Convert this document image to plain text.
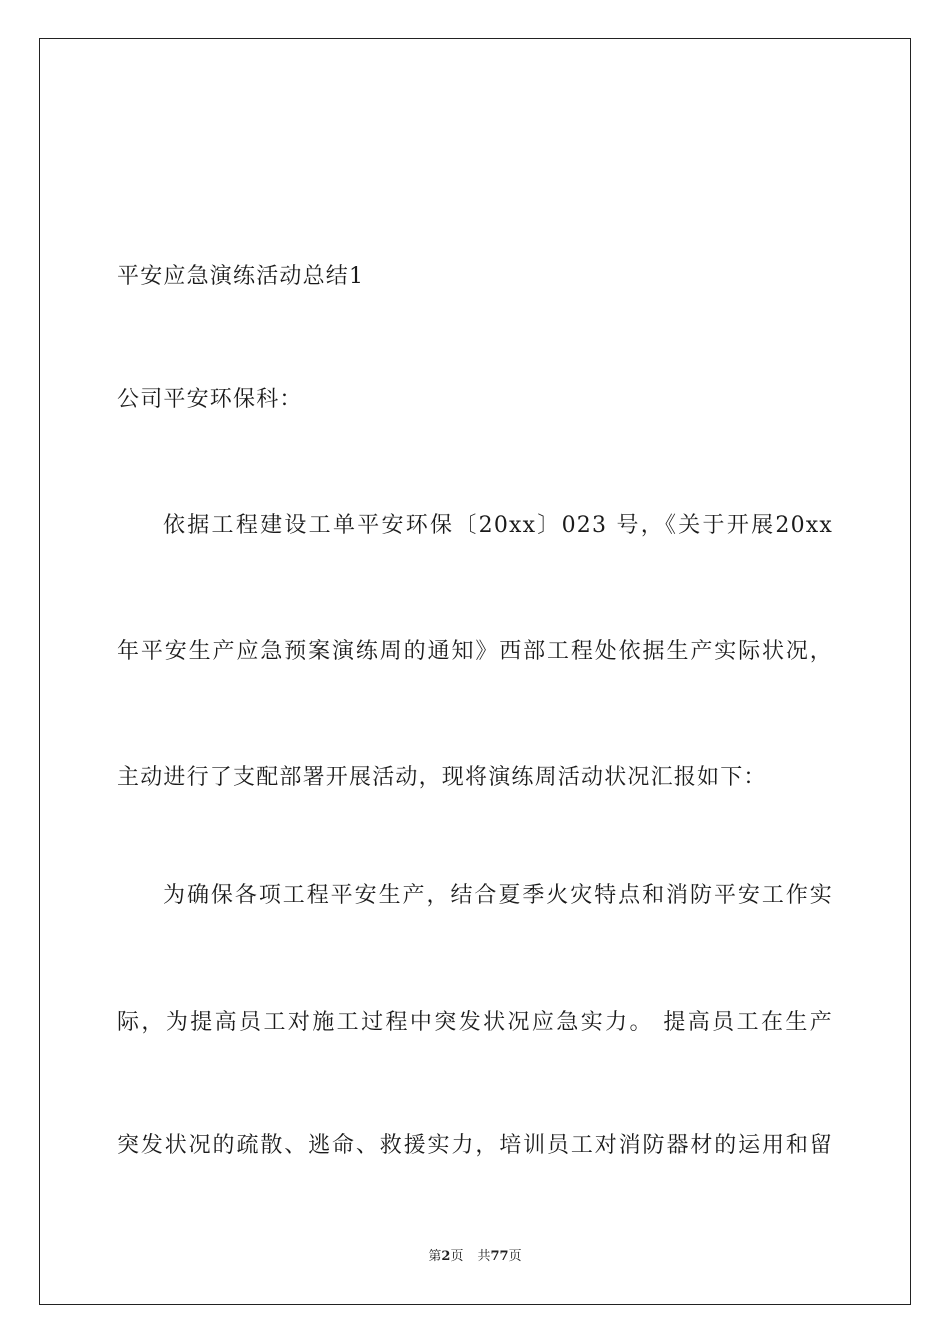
平安应急演练活动总结1
公司平安环保科：
依据工程建设工单平安环保〔20xx〕023 号，《关于开展20xx
年平安生产应急预案演练周的通知》西部工程处依据生产实际状况，
主动进行了支配部署开展活动，现将演练周活动状况汇报如下：
为确保各项工程平安生产，结合夏季火灾特点和消防平安工作实
际，为提高员工对施工过程中突发状况应急实力。 提高员工在生产
突发状况的疏散、逃命、救援实力，培训员工对消防器材的运用和留
第2页 共77页
